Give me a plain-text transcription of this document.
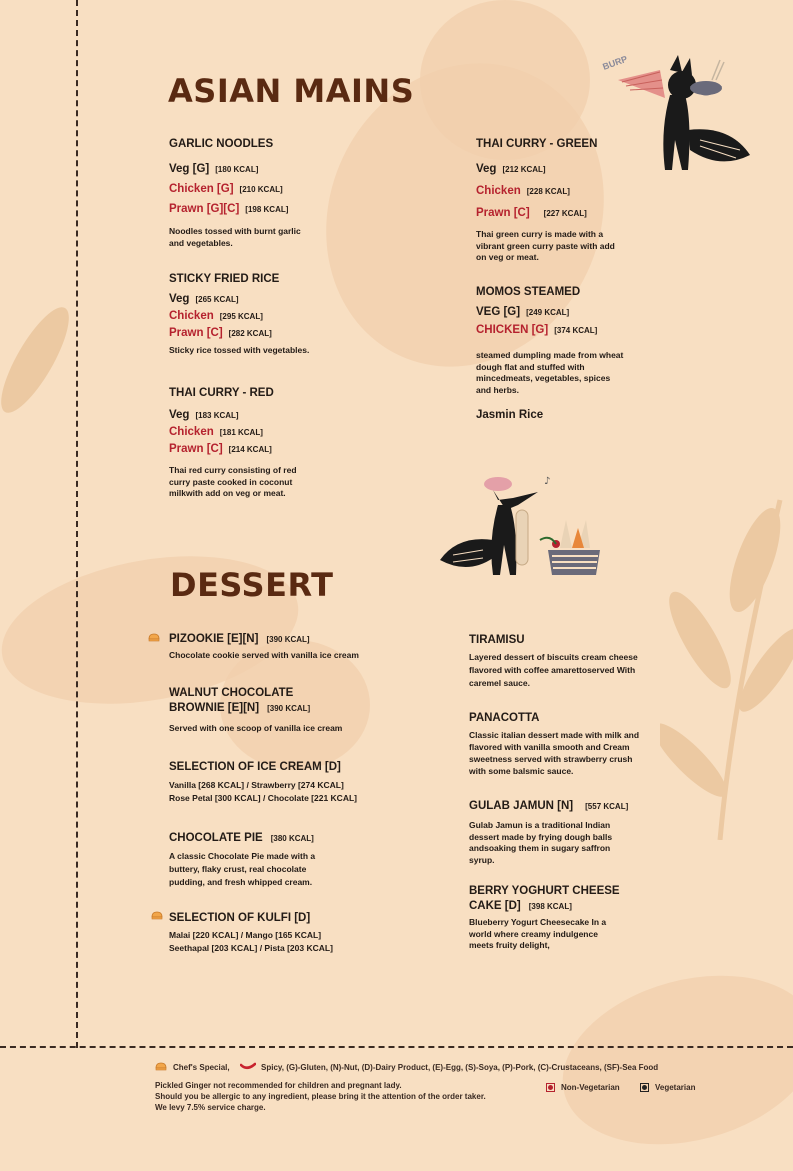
BURP
♪
ASIAN MAINS
GARLIC NOODLES
Veg [G] [180 KCAL]
Chicken [G] [210 KCAL]
Prawn [G][C] [198 KCAL]
Noodles tossed with burnt garlic
and vegetables.
STICKY FRIED RICE
Veg [265 KCAL]
Chicken [295 KCAL]
Prawn [C] [282 KCAL]
Sticky rice tossed with vegetables.
THAI CURRY - RED
Veg [183 KCAL]
Chicken [181 KCAL]
Prawn [C] [214 KCAL]
Thai red curry consisting of red
curry paste cooked in coconut
milkwith add on veg or meat.
THAI CURRY - GREEN
Veg [212 KCAL]
Chicken [228 KCAL]
Prawn [C] [227 KCAL]
Thai green curry is made with a
vibrant green curry paste with add
on veg or meat.
MOMOS STEAMED
VEG [G] [249 KCAL]
CHICKEN [G] [374 KCAL]
steamed dumpling made from wheat
dough flat and stuffed with
mincedmeats, vegetables, spices
and herbs.
Jasmin Rice
DESSERT
PIZOOKIE [E][N] [390 KCAL]
Chocolate cookie served with vanilla ice cream
WALNUT CHOCOLATE
BROWNIE [E][N] [390 KCAL]
Served with one scoop of vanilla ice cream
SELECTION OF ICE CREAM [D]
Vanilla [268 KCAL] / Strawberry [274 KCAL]
Rose Petal [300 KCAL] / Chocolate [221 KCAL]
CHOCOLATE PIE [380 KCAL]
A classic Chocolate Pie made with a
buttery, flaky crust, real chocolate
pudding, and fresh whipped cream.
SELECTION OF KULFI [D]
Malai [220 KCAL] / Mango [165 KCAL]
Seethapal [203 KCAL] / Pista [203 KCAL]
TIRAMISU
Layered dessert of biscuits cream cheese
flavored with coffee amarettoserved With
caremel sauce.
PANACOTTA
Classic italian dessert made with milk and
flavored with vanilla smooth and Cream
sweetness served with strawberry crush
with some balsmic sauce.
GULAB JAMUN [N] [557 KCAL]
Gulab Jamun is a traditional Indian
dessert made by frying dough balls
andsoaking them in sugary saffron
syrup.
BERRY YOGHURT CHEESE
CAKE [D] [398 KCAL]
Blueberry Yogurt Cheesecake In a
world where creamy indulgence
meets fruity delight,
Chef's Special,	Spicy, (G)-Gluten, (N)-Nut, (D)-Dairy Product, (E)-Egg, (S)-Soya, (P)-Pork, (C)-Crustaceans, (SF)-Sea Food
Pickled Ginger not recommended for children and pregnant lady.
Should you be allergic to any ingredient, please bring it the attention of the order taker.
We levy 7.5% service charge.
Non-Vegetarian	Vegetarian
